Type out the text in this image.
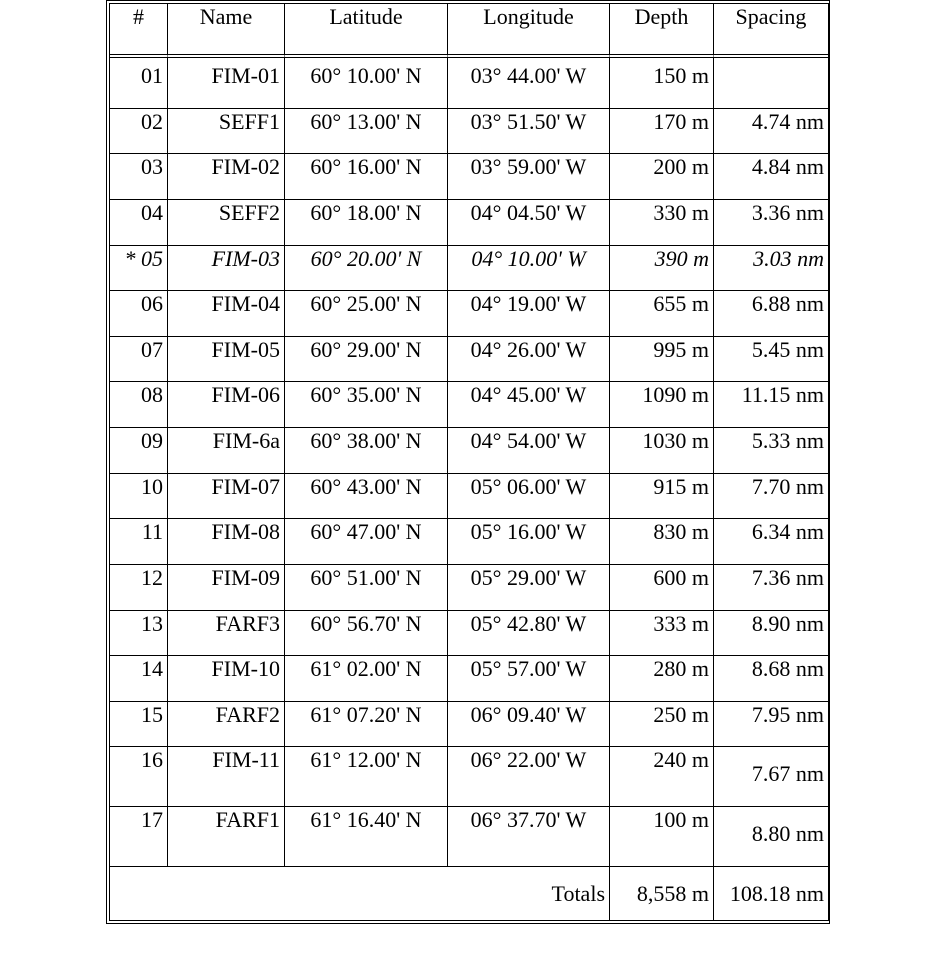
#	Name	Latitude	Longitude	Depth	Spacing
01	FIM-01	60° 10.00' N	03° 44.00' W	150 m	
02	SEFF1	60° 13.00' N	03° 51.50' W	170 m	4.74 nm
03	FIM-02	60° 16.00' N	03° 59.00' W	200 m	4.84 nm
04	SEFF2	60° 18.00' N	04° 04.50' W	330 m	3.36 nm
* 05	FIM-03	60° 20.00' N	04° 10.00' W	390 m	3.03 nm
06	FIM-04	60° 25.00' N	04° 19.00' W	655 m	6.88 nm
07	FIM-05	60° 29.00' N	04° 26.00' W	995 m	5.45 nm
08	FIM-06	60° 35.00' N	04° 45.00' W	1090 m	11.15 nm
09	FIM-6a	60° 38.00' N	04° 54.00' W	1030 m	5.33 nm
10	FIM-07	60° 43.00' N	05° 06.00' W	915 m	7.70 nm
11	FIM-08	60° 47.00' N	05° 16.00' W	830 m	6.34 nm
12	FIM-09	60° 51.00' N	05° 29.00' W	600 m	7.36 nm
13	FARF3	60° 56.70' N	05° 42.80' W	333 m	8.90 nm
14	FIM-10	61° 02.00' N	05° 57.00' W	280 m	8.68 nm
15	FARF2	61° 07.20' N	06° 09.40' W	250 m	7.95 nm
16	FIM-11	61° 12.00' N	06° 22.00' W	240 m	7.67 nm
17	FARF1	61° 16.40' N	06° 37.70' W	100 m	8.80 nm
Totals				8,558 m	108.18 nm
